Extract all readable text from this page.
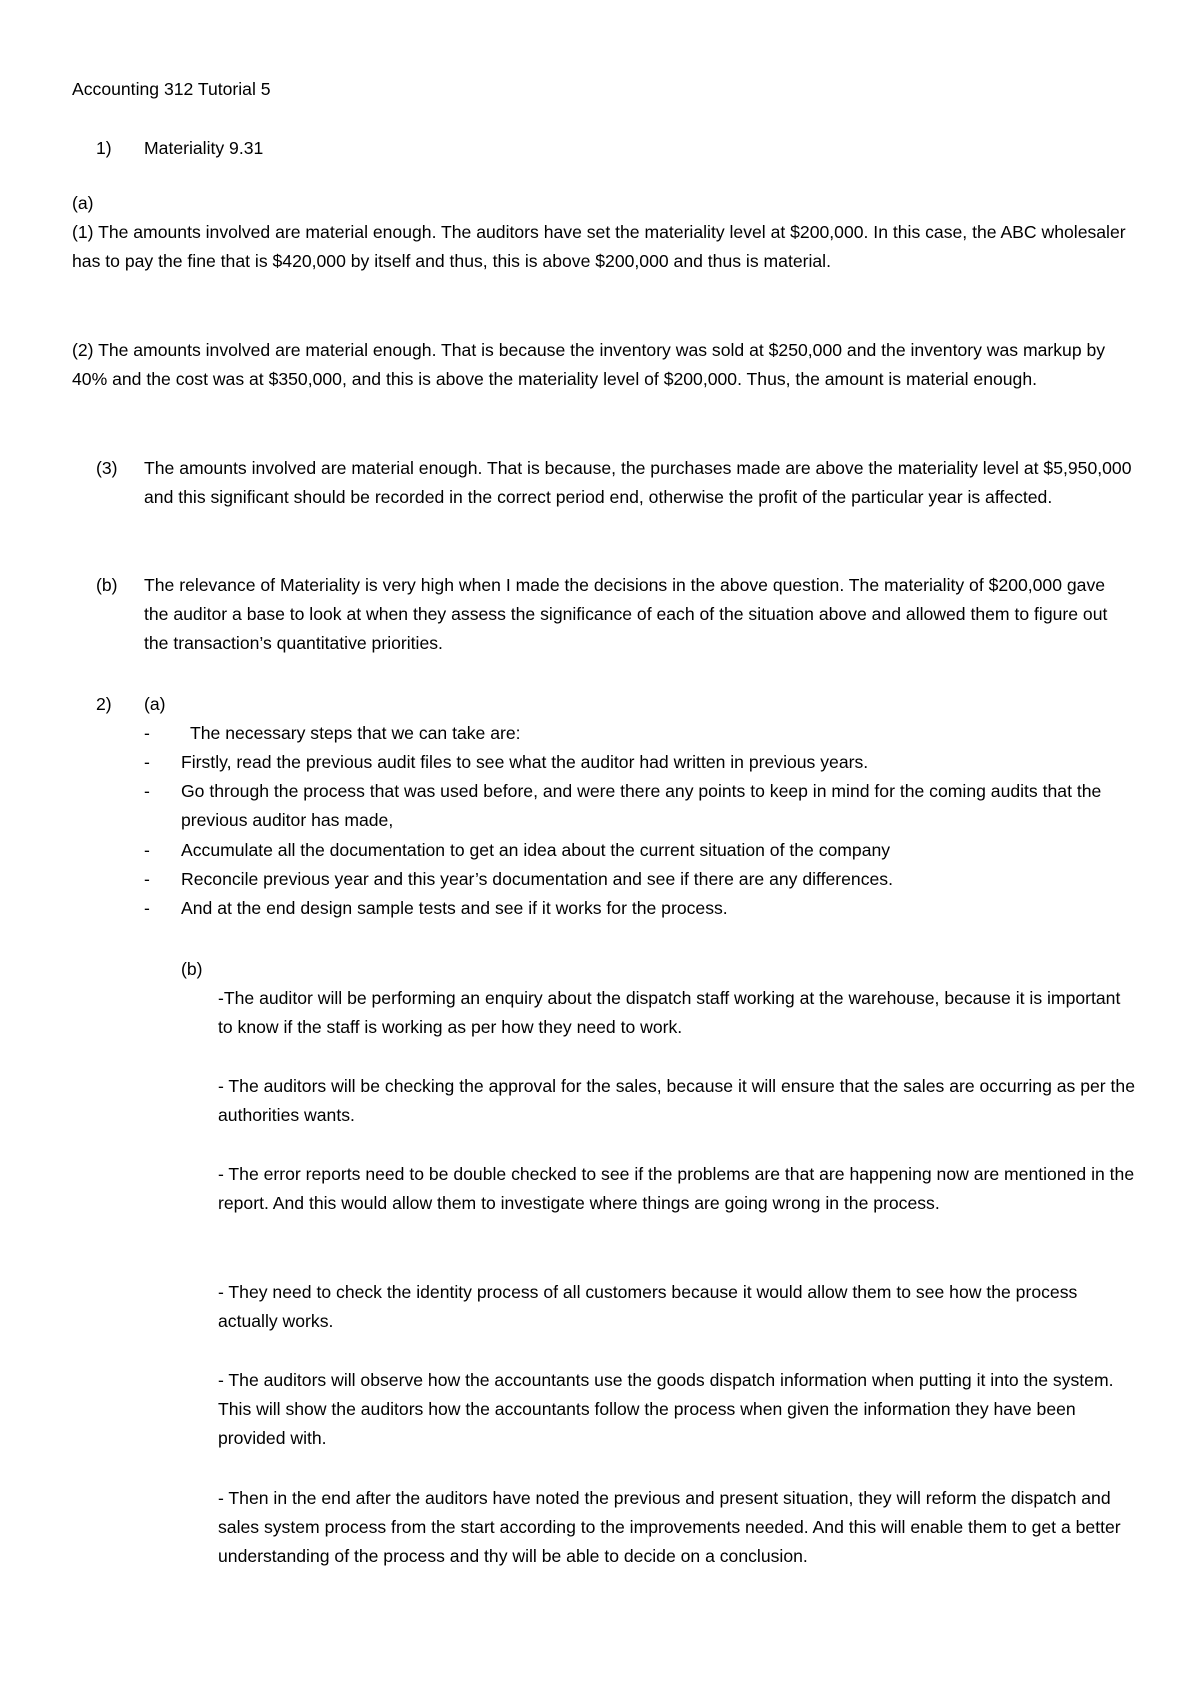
Accounting 312 Tutorial 5

1) Materiality 9.31

(a)

(1) The amounts involved are material enough. The auditors have set the materiality level at $200,000. In this case, the ABC wholesaler has to pay the fine that is $420,000 by itself and thus, this is above $200,000 and thus is material.

(2) The amounts involved are material enough. That is because the inventory was sold at $250,000 and the inventory was markup by 40% and the cost was at $350,000, and this is above the materiality level of $200,000. Thus, the amount is material enough.

(3) The amounts involved are material enough. That is because, the purchases made are above the materiality level at $5,950,000 and this significant should be recorded in the correct period end, otherwise the profit of the particular year is affected.

(b) The relevance of Materiality is very high when I made the decisions in the above question. The materiality of $200,000 gave the auditor a base to look at when they assess the significance of each of the situation above and allowed them to figure out the transaction’s quantitative priorities.

2) (a)

- The necessary steps that we can take are:

- Firstly, read the previous audit files to see what the auditor had written in previous years.

- Go through the process that was used before, and were there any points to keep in mind for the coming audits that the previous auditor has made,

- Accumulate all the documentation to get an idea about the current situation of the company

- Reconcile previous year and this year’s documentation and see if there are any differences.

- And at the end design sample tests and see if it works for the process.

(b)

-The auditor will be performing an enquiry about the dispatch staff working at the warehouse, because it is important to know if the staff is working as per how they need to work.

- The auditors will be checking the approval for the sales, because it will ensure that the sales are occurring as per the authorities wants.

- The error reports need to be double checked to see if the problems are that are happening now are mentioned in the report. And this would allow them to investigate where things are going wrong in the process.

- They need to check the identity process of all customers because it would allow them to see how the process actually works.

- The auditors will observe how the accountants use the goods dispatch information when putting it into the system. This will show the auditors how the accountants follow the process when given the information they have been provided with.

- Then in the end after the auditors have noted the previous and present situation, they will reform the dispatch and sales system process from the start according to the improvements needed. And this will enable them to get a better understanding of the process and thy will be able to decide on a conclusion.
